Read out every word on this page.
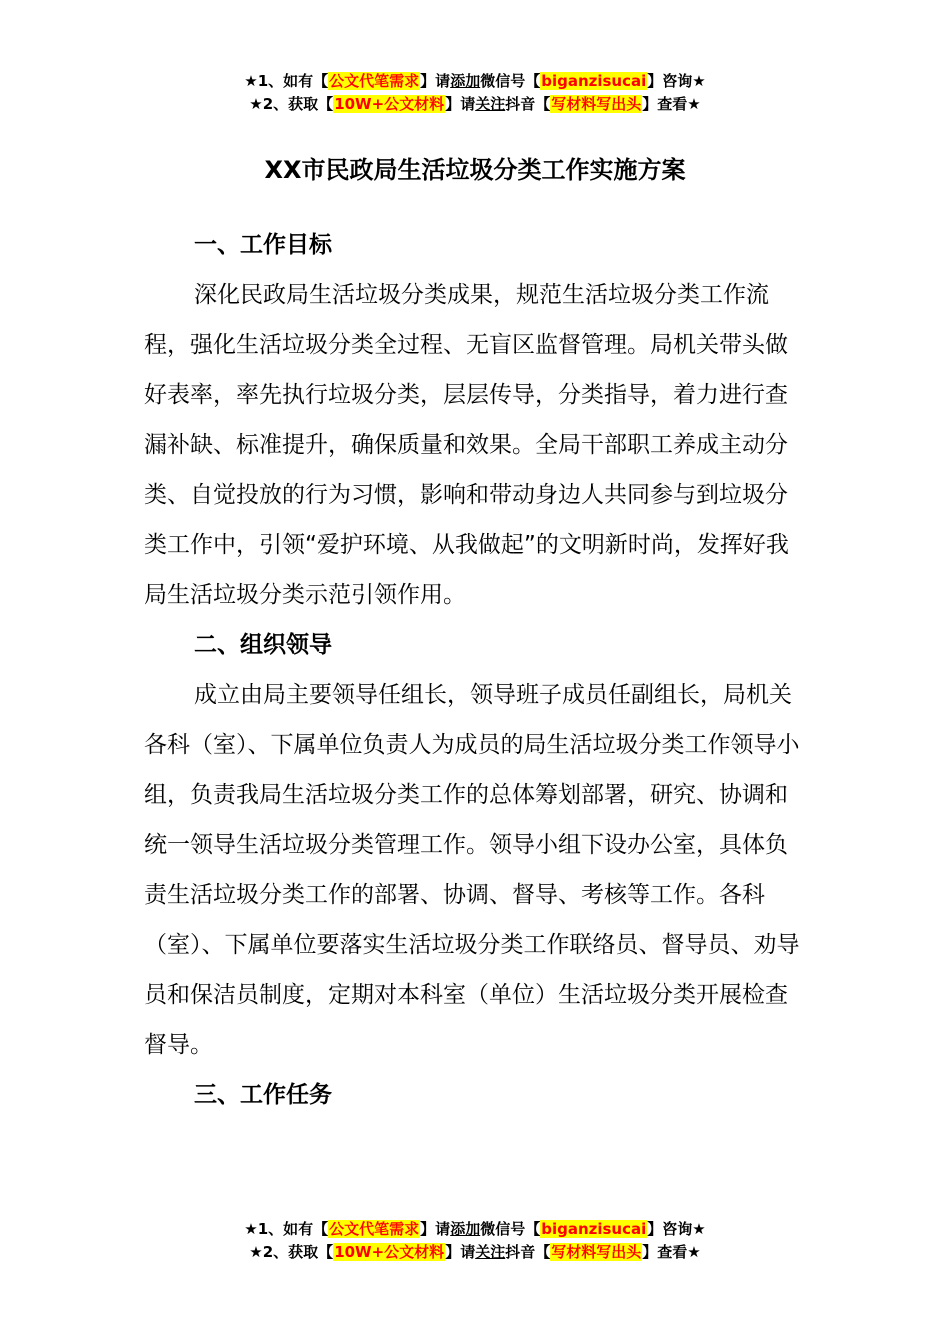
★1、如有【公文代笔需求】请添加微信号【biganzisucai】咨询★
★2、获取【10W+公文材料】请关注抖音【写材料写出头】查看★
XX市民政局生活垃圾分类工作实施方案

一、工作目标

深化民政局生活垃圾分类成果，规范生活垃圾分类工作流程，强化生活垃圾分类全过程、无盲区监督管理。局机关带头做好表率，率先执行垃圾分类，层层传导，分类指导，着力进行查漏补缺、标准提升，确保质量和效果。全局干部职工养成主动分类、自觉投放的行为习惯，影响和带动身边人共同参与到垃圾分类工作中，引领“爱护环境、从我做起”的文明新时尚，发挥好我局生活垃圾分类示范引领作用。

二、组织领导

成立由局主要领导任组长，领导班子成员任副组长，局机关各科（室）、下属单位负责人为成员的局生活垃圾分类工作领导小组，负责我局生活垃圾分类工作的总体筹划部署，研究、协调和统一领导生活垃圾分类管理工作。领导小组下设办公室，具体负责生活垃圾分类工作的部署、协调、督导、考核等工作。各科（室）、下属单位要落实生活垃圾分类工作联络员、督导员、劝导员和保洁员制度，定期对本科室（单位）生活垃圾分类开展检查督导。

三、工作任务

★1、如有【公文代笔需求】请添加微信号【biganzisucai】咨询★
★2、获取【10W+公文材料】请关注抖音【写材料写出头】查看★
